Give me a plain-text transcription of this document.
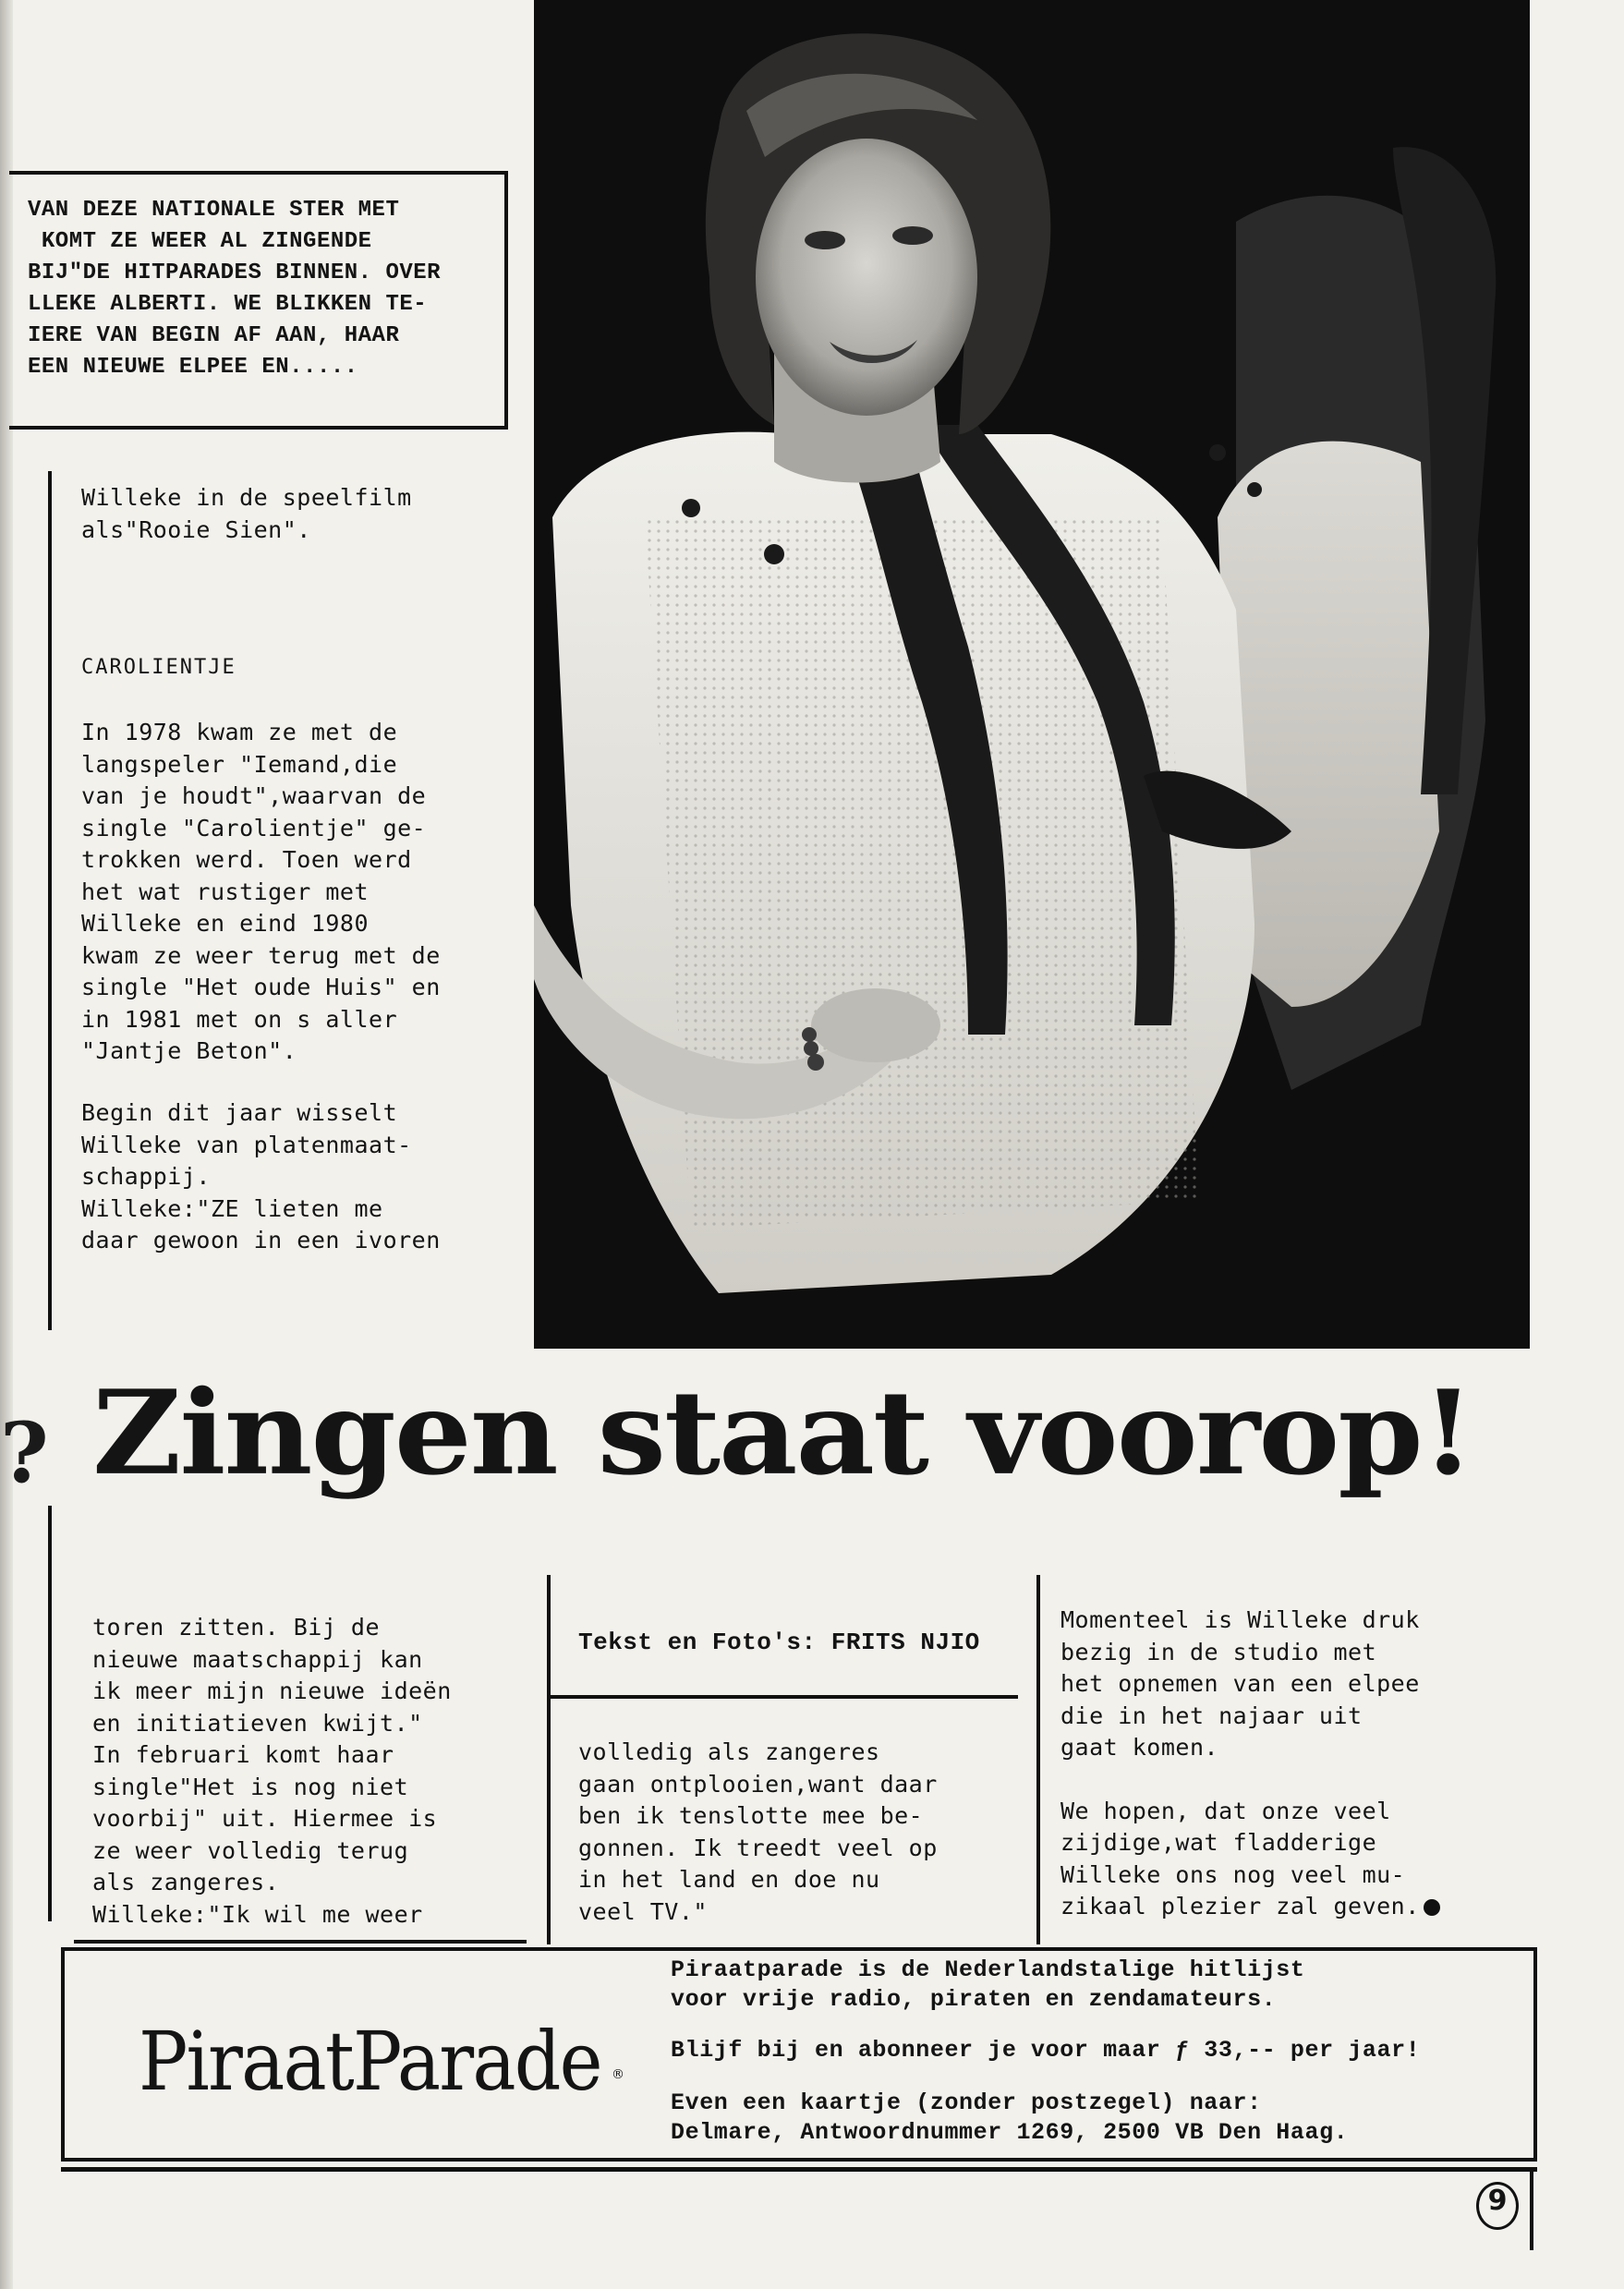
?

VAN DEZE NATIONALE STER MET
KOMT ZE WEER AL ZINGENDE
BIJ"DE HITPARADES BINNEN. OVER
LLEKE ALBERTI. WE BLIKKEN TE-
IERE VAN BEGIN AF AAN, HAAR
EEN NIEUWE ELPEE EN.....

Willeke in de speelfilm
als"Rooie Sien".

CAROLIENTJE

In 1978 kwam ze met de
langspeler "Iemand,die
van je houdt",waarvan de
single "Carolientje" ge-
trokken werd. Toen werd
het wat rustiger met
Willeke en eind 1980
kwam ze weer terug met de
single "Het oude Huis" en
in 1981 met on s aller
"Jantje Beton".

Begin dit jaar wisselt
Willeke van platenmaat-
schappij.
Willeke:"ZE lieten me
daar gewoon in een ivoren

Zingen staat voorop!

toren zitten. Bij de
nieuwe maatschappij kan
ik meer mijn nieuwe ideën
en initiatieven kwijt."
In februari komt haar
single"Het is nog niet
voorbij" uit. Hiermee is
ze weer volledig terug
als zangeres.
Willeke:"Ik wil me weer

Tekst en Foto's: FRITS NJIO

volledig als zangeres
gaan ontplooien,want daar
ben ik tenslotte mee be-
gonnen. Ik treedt veel op
in het land en doe nu
veel TV."

Momenteel is Willeke druk
bezig in de studio met
het opnemen van een elpee
die in het najaar uit
gaat komen.

We hopen, dat onze veel
zijdige,wat fladderige
Willeke ons nog veel mu-
zikaal plezier zal geven.

PiraatParade ®
Piraatparade is de Nederlandstalige hitlijst
voor vrije radio, piraten en zendamateurs.
Blijf bij en abonneer je voor maar ƒ 33,-- per jaar!
Even een kaartje (zonder postzegel) naar:
Delmare, Antwoordnummer 1269, 2500 VB Den Haag.
9
